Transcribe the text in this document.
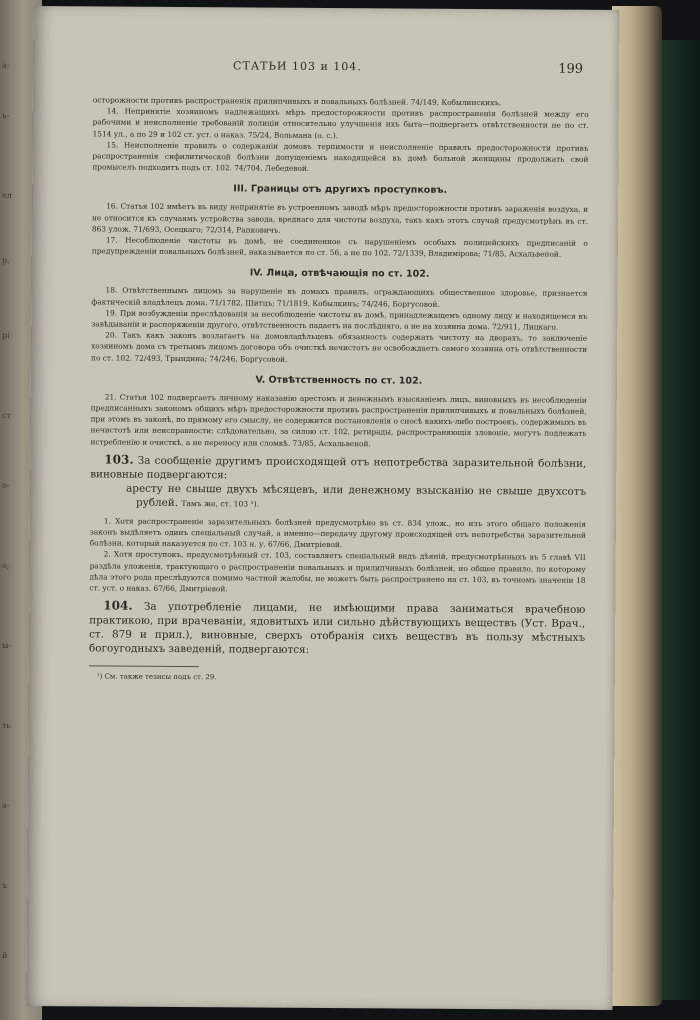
а-
ь-
ел
р.
рі
ст
о-
о,
ы-
ть
а-
ъ
й
СТАТЬИ 103 и 104.	199

осторожности противъ распространенія прилипчивыхъ и повальныхъ болѣзней. 74/149, Кобылинскихъ.

14. Непринятіе хозяиномъ надлежащихъ мѣръ предосторожности противъ распространенія болѣзней между его рабочими и неисполненіе требованій полиціи относительно улучшенія ихъ быта—подвергаетъ отвѣтственности не по ст. 1514 ул., а по 29 и 102 ст. уст. о наказ. 75/24, Вольмана (о. с.).

15. Неисполненіе правилъ о содержаніи домовъ терпимости и неисполненіе правилъ предосторожности противъ распространенія сифилитической болѣзни допущеніемъ находящейся въ домѣ больной женщины продолжать свой промыселъ подходитъ подъ ст. 102. 74/704, Лебедевой.

III. Границы отъ другихъ проступковъ.

16. Статья 102 имѣетъ въ виду непринятіе въ устроенномъ заводѣ мѣръ предосторожности противъ зараженія воздуха, и не относится къ случаямъ устройства завода, вреднаго для чистоты воздуха, такъ какъ этотъ случай предусмотрѣнъ въ ст. 863 улож. 71/693, Осецкаго; 72/314, Рапковичъ.

17. Несоблюденіе чистоты въ домѣ, не соединенное съ нарушеніемъ особыхъ полицейскихъ предписаній о предупрежденіи повальныхъ болѣзней, наказывается по ст. 56, а не по 102. 72/1339, Владимірова; 71/85, Асхальвеной.

IV. Лица, отвѣчающія по ст. 102.

18. Отвѣтственнымъ лицомъ за нарушеніе въ домахъ правилъ, ограждающихъ общественное здоровье, признается фактическій владѣлецъ дома. 71/1782, Шитцъ; 71/1819, Кобылкинъ; 74/246, Боргусовой.

19. При возбужденіи преслѣдованія за несоблюденіе чистоты въ домѣ, принадлежащемъ одному лицу и находящемся въ завѣдываніи и распоряженіи другого, отвѣтственность падаетъ на послѣдняго, а не на хозяина дома. 72/911, Лицкаго.

20. Такъ какъ законъ возлагаетъ на домовладѣльцевъ обязанность содержать чистоту на дворахъ, то заключеніе хозяиномъ дома съ третьимъ лицомъ договора объ очисткѣ нечистотъ не освобождаетъ самого хозяина отъ отвѣтственности по ст. 102. 72/493, Трындина; 74/246, Боргусовой.

V. Отвѣтственность по ст. 102.

21. Статья 102 подвергаетъ личному наказанію арестомъ и денежнымъ взысканіемъ лицъ, виновныхъ въ несоблюденіи предписанныхъ закономъ общихъ мѣръ предосторожности противъ распространенія прилипчивыхъ и повальныхъ болѣзней, при этомъ въ законѣ, по прямому его смыслу, не содержится постановленія о сносѣ какихъ-либо построекъ, содержимыхъ въ нечистотѣ или неисправности; слѣдовательно, за силою ст. 102, ретирады, распространяющія зловоніе, могутъ подлежать истребленію и очисткѣ, а не переносу или сломкѣ. 73/85, Асхальвеной.

103. За сообщеніе другимъ происходящей отъ непотребства заразительной болѣзни, виновные подвергаются:

аресту не свыше двухъ мѣсяцевъ, или денежному взысканію не свыше двухсотъ рублей. Тамъ же, ст. 103 ¹).

1. Хотя распространеніе заразительныхъ болѣзней предусмотрѣно въ ст. 834 улож., но изъ этого общаго положенія законъ выдѣляетъ одинъ спеціальный случай, а именно—передачу другому происходящей отъ непотребства заразительной болѣзни, который наказуется по ст. 103 н. у. 67/66, Дмитріевой.

2. Хотя проступокъ, предусмотрѣнный ст. 103, составляетъ спеціальный видъ дѣяній, предусмотрѣнныхъ въ 5 главѣ VII раздѣла уложенія, трактующаго о распространеніи повальныхъ и прилипчивыхъ болѣзней, но общее правило, по которому дѣла этого рода преслѣдуются помимо частной жалобы, не можетъ быть распространено на ст. 103, въ точномъ значеніи 18 ст. уст. о наказ. 67/66, Дмитріевой.

104. За употребленіе лицами, не имѣющими права заниматься врачебною практикою, при врачеваніи, ядовитыхъ или сильно дѣйствующихъ веществъ (Уст. Врач., ст. 879 и прил.), виновные, сверхъ отобранія сихъ веществъ въ пользу мѣстныхъ богоугодныхъ заведеній, подвергаются:

¹) См. также тезисы подъ ст. 29.
